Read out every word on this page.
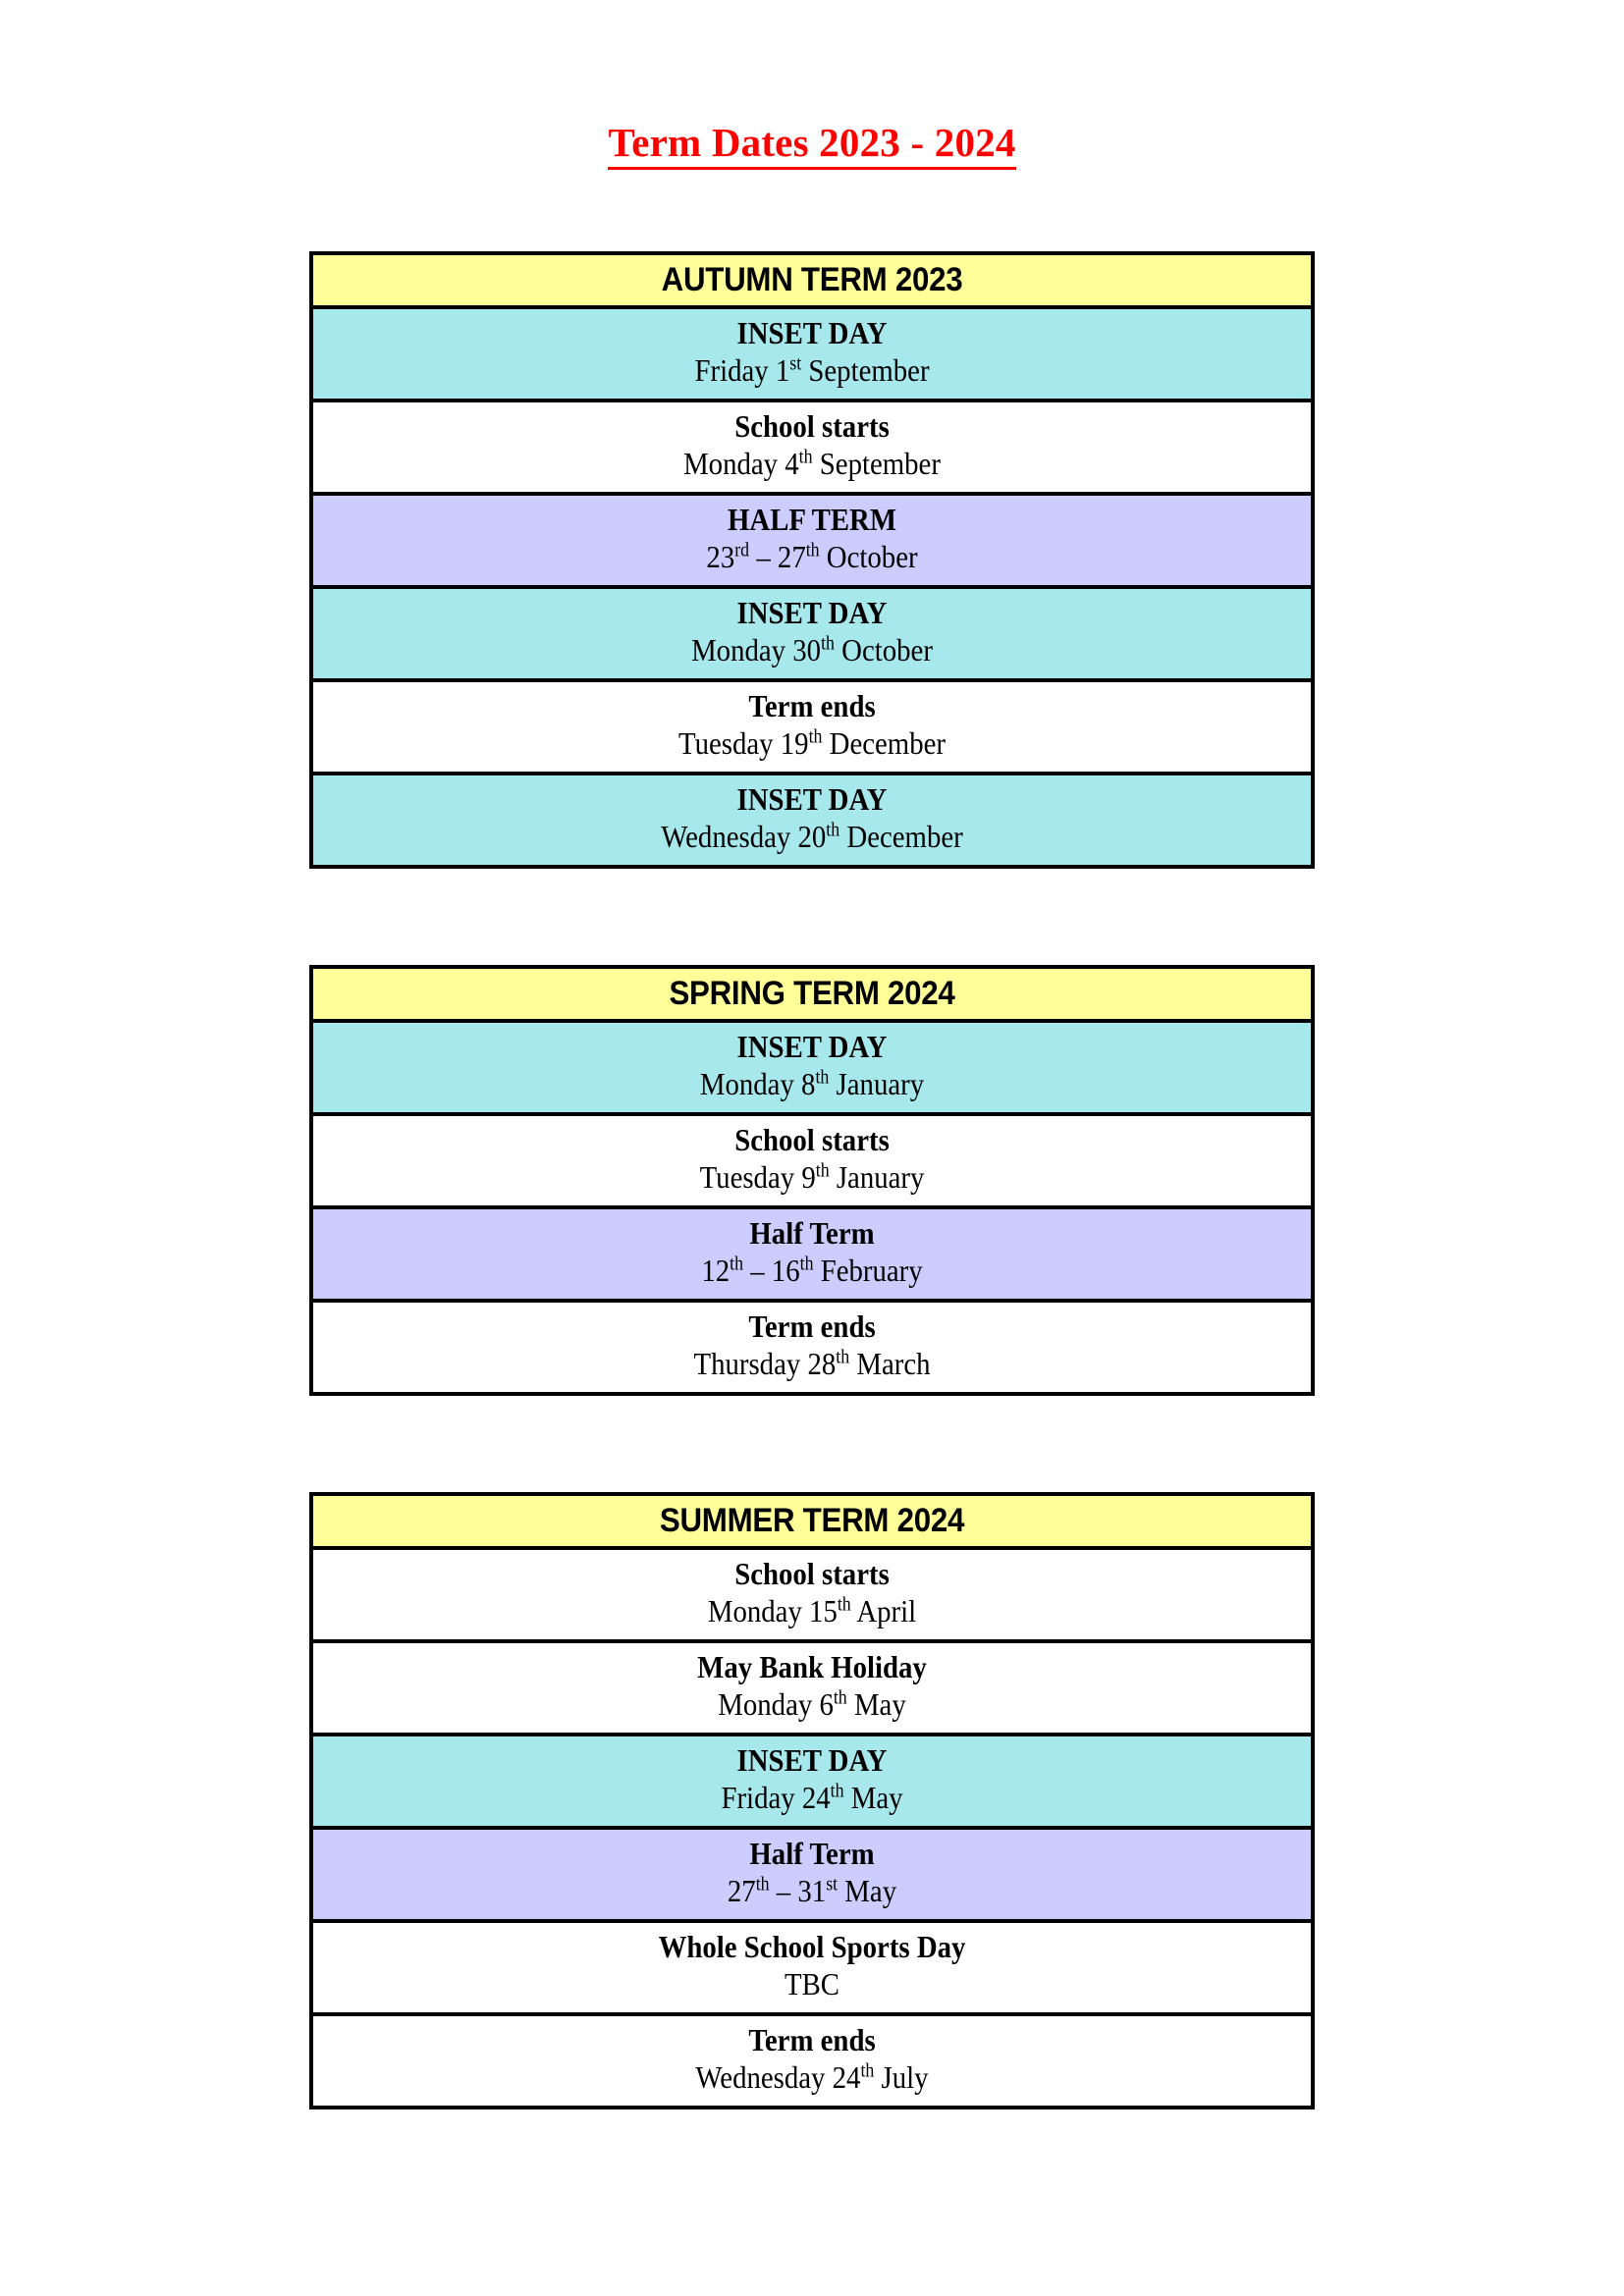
Term Dates 2023 - 2024
AUTUMN TERM 2023

INSET DAY
Friday 1st September

School starts
Monday 4th September

HALF TERM
23rd – 27th October

INSET DAY
Monday 30th October

Term ends
Tuesday 19th December

INSET DAY
Wednesday 20th December
SPRING TERM 2024

INSET DAY
Monday 8th January

School starts
Tuesday 9th January

Half Term
12th – 16th February

Term ends
Thursday 28th March
SUMMER TERM 2024

School starts
Monday 15th April

May Bank Holiday
Monday 6th May

INSET DAY
Friday 24th May

Half Term
27th – 31st May

Whole School Sports Day
TBC

Term ends
Wednesday 24th July
